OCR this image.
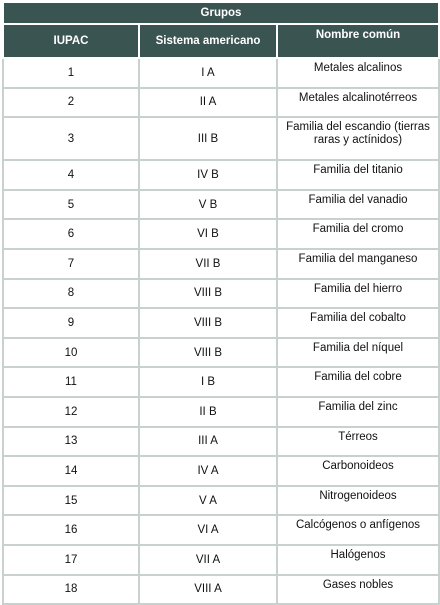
Grupos		
IUPAC	Sistema americano	Nombre común
1	I A	Metales alcalinos
2	II A	Metales alcalinotérreos
3	III B	Familia del escandio (tierras raras y actínidos)
4	IV B	Familia del titanio
5	V B	Familia del vanadio
6	VI B	Familia del cromo
7	VII B	Familia del manganeso
8	VIII B	Familia del hierro
9	VIII B	Familia del cobalto
10	VIII B	Familia del níquel
11	I B	Familia del cobre
12	II B	Familia del zinc
13	III A	Térreos
14	IV A	Carbonoideos
15	V A	Nitrogenoideos
16	VI A	Calcógenos o anfígenos
17	VII A	Halógenos
18	VIII A	Gases nobles
